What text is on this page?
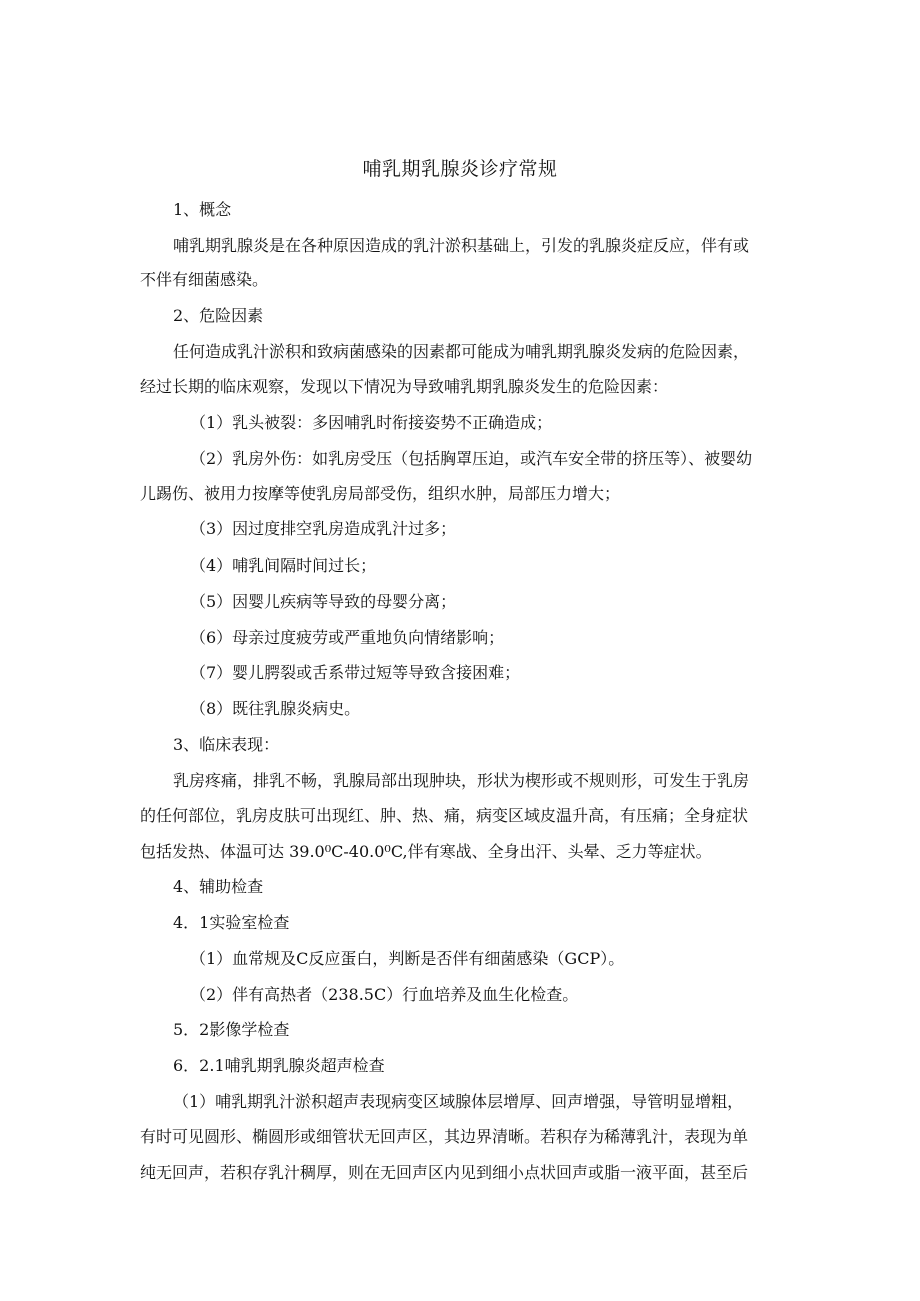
哺乳期乳腺炎诊疗常规
1、概念
哺乳期乳腺炎是在各种原因造成的乳汁淤积基础上，引发的乳腺炎症反应，伴有或
不伴有细菌感染。
2、危险因素
任何造成乳汁淤积和致病菌感染的因素都可能成为哺乳期乳腺炎发病的危险因素，
经过长期的临床观察，发现以下情况为导致哺乳期乳腺炎发生的危险因素：
（1）乳头被裂：多因哺乳时衔接姿势不正确造成；
（2）乳房外伤：如乳房受压（包括胸罩压迫，或汽车安全带的挤压等）、被婴幼
儿踢伤、被用力按摩等使乳房局部受伤，组织水肿，局部压力增大；
（3）因过度排空乳房造成乳汁过多；
（4）哺乳间隔时间过长；
（5）因婴儿疾病等导致的母婴分离；
（6）母亲过度疲劳或严重地负向情绪影响；
（7）婴儿腭裂或舌系带过短等导致含接困难；
（8）既往乳腺炎病史。
3、临床表现：
乳房疼痛，排乳不畅，乳腺局部出现肿块，形状为楔形或不规则形，可发生于乳房
的任何部位，乳房皮肤可出现红、肿、热、痛，病变区域皮温升高，有压痛；全身症状
包括发热、体温可达 39.0⁰C-40.0⁰C,伴有寒战、全身出汗、头晕、乏力等症状。
4、辅助检查
4．1实验室检查
（1）血常规及C反应蛋白，判断是否伴有细菌感染（GCP）。
（2）伴有高热者（238.5C）行血培养及血生化检查。
5．2影像学检查
6．2.1哺乳期乳腺炎超声检查
（1）哺乳期乳汁淤积超声表现病变区域腺体层增厚、回声增强，导管明显增粗，
有时可见圆形、椭圆形或细管状无回声区，其边界清晰。若积存为稀薄乳汁，表现为单
纯无回声，若积存乳汁稠厚，则在无回声区内见到细小点状回声或脂一液平面，甚至后
